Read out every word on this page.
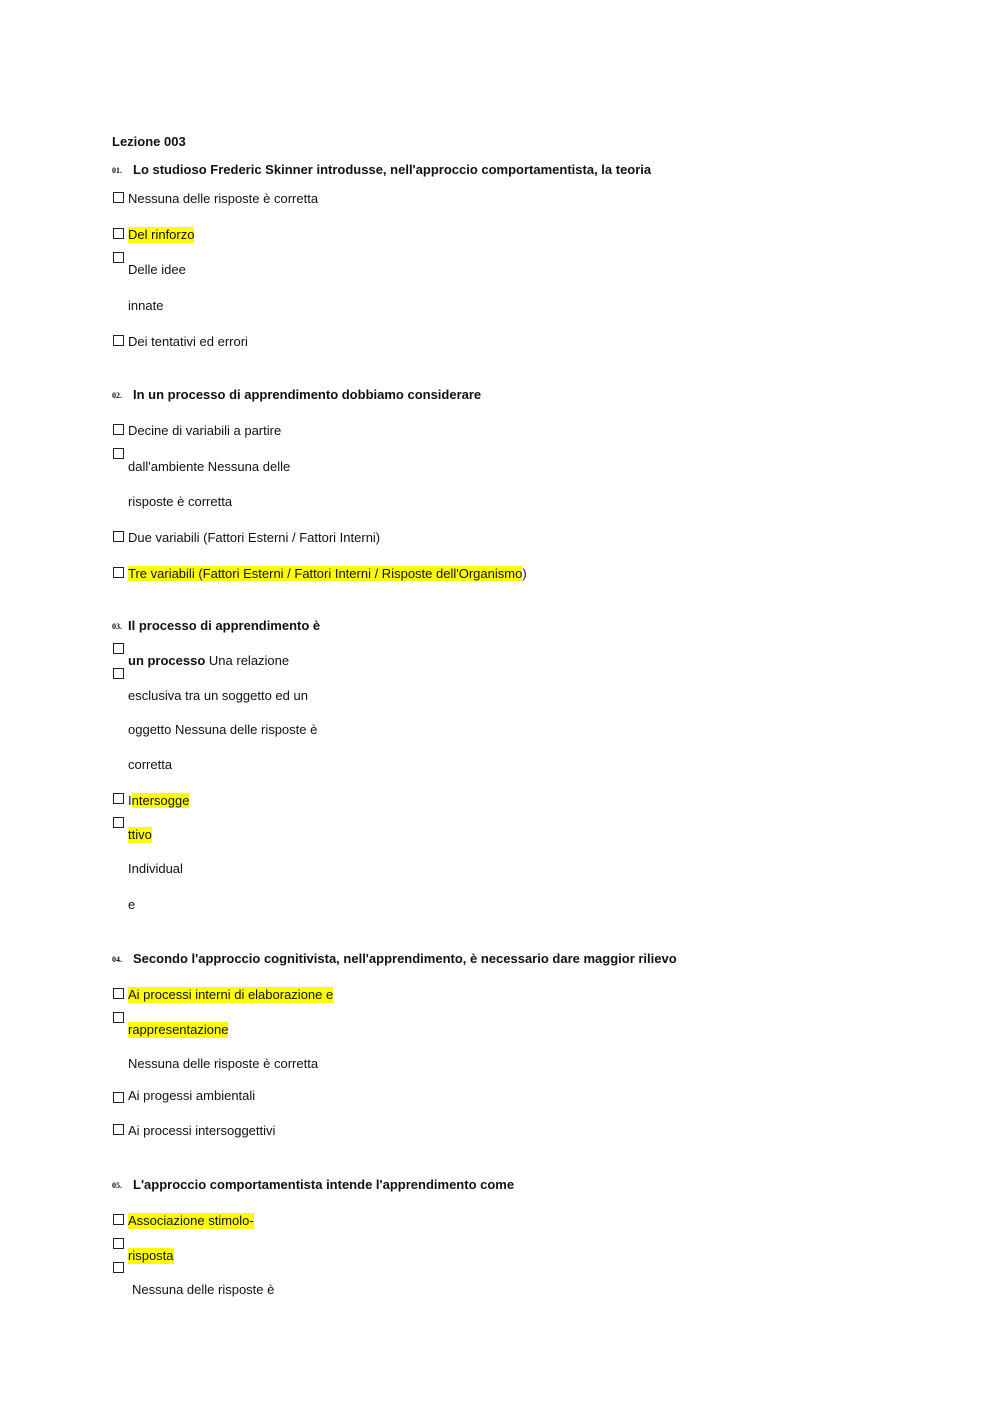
Lezione 003
01. Lo studioso Frederic Skinner introdusse, nell'approccio comportamentista, la teoria
Nessuna delle risposte è corretta
Del rinforzo
Delle idee
innate
Dei tentativi ed errori
02. In un processo di apprendimento dobbiamo considerare
Decine di variabili a partire
dall'ambiente Nessuna delle
risposte è corretta
Due variabili (Fattori Esterni / Fattori Interni)
Tre variabili (Fattori Esterni / Fattori Interni / Risposte dell'Organismo)
03. Il processo di apprendimento è
un processo Una relazione
esclusiva tra un soggetto ed un
oggetto Nessuna delle risposte è
corretta
Intersogge
ttivo
Individual
e
04. Secondo l'approccio cognitivista, nell'apprendimento, è necessario dare maggior rilievo
Ai processi interni di elaborazione e
rappresentazione
Nessuna delle risposte è corretta
Ai progessi ambientali
Ai processi intersoggettivi
05. L'approccio comportamentista intende l'apprendimento come
Associazione stimolo-
risposta
Nessuna delle risposte è
